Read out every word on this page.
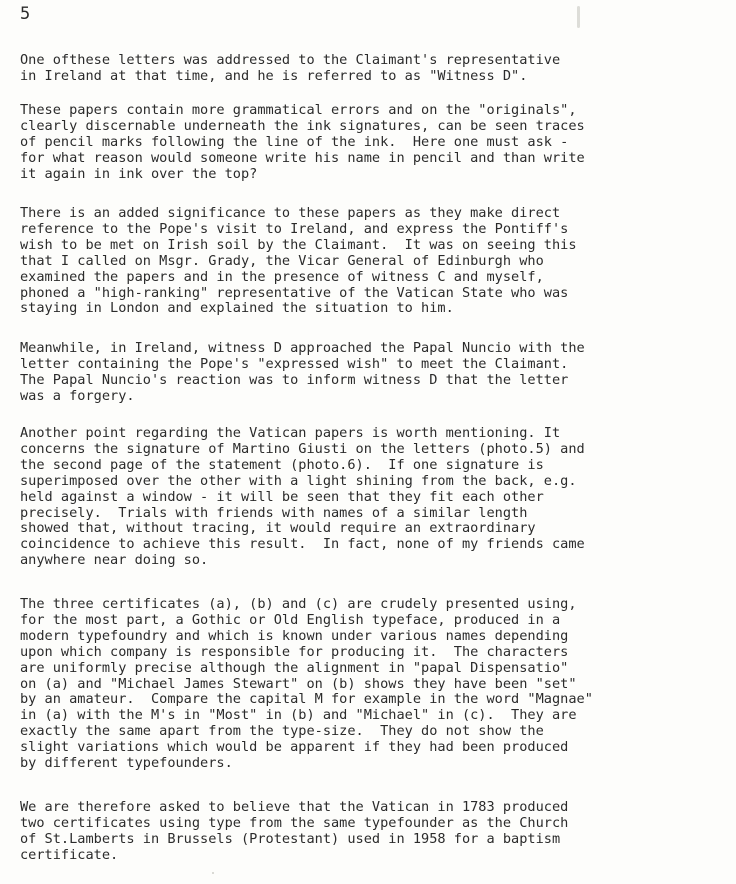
5

One ofthese letters was addressed to the Claimant's representative
in Ireland at that time, and he is referred to as "Witness D".

These papers contain more grammatical errors and on the "originals",
clearly discernable underneath the ink signatures, can be seen traces
of pencil marks following the line of the ink.  Here one must ask -
for what reason would someone write his name in pencil and than write
it again in ink over the top?

There is an added significance to these papers as they make direct
reference to the Pope's visit to Ireland, and express the Pontiff's
wish to be met on Irish soil by the Claimant.  It was on seeing this
that I called on Msgr. Grady, the Vicar General of Edinburgh who
examined the papers and in the presence of witness C and myself,
phoned a "high-ranking" representative of the Vatican State who was
staying in London and explained the situation to him.

Meanwhile, in Ireland, witness D approached the Papal Nuncio with the
letter containing the Pope's "expressed wish" to meet the Claimant.
The Papal Nuncio's reaction was to inform witness D that the letter
was a forgery.

Another point regarding the Vatican papers is worth mentioning. It
concerns the signature of Martino Giusti on the letters (photo.5) and
the second page of the statement (photo.6).  If one signature is
superimposed over the other with a light shining from the back, e.g.
held against a window - it will be seen that they fit each other
precisely.  Trials with friends with names of a similar length
showed that, without tracing, it would require an extraordinary
coincidence to achieve this result.  In fact, none of my friends came
anywhere near doing so.

The three certificates (a), (b) and (c) are crudely presented using,
for the most part, a Gothic or Old English typeface, produced in a
modern typefoundry and which is known under various names depending
upon which company is responsible for producing it.  The characters
are uniformly precise although the alignment in "papal Dispensatio"
on (a) and "Michael James Stewart" on (b) shows they have been "set"
by an amateur.  Compare the capital M for example in the word "Magnae"
in (a) with the M's in "Most" in (b) and "Michael" in (c).  They are
exactly the same apart from the type-size.  They do not show the
slight variations which would be apparent if they had been produced
by different typefounders.

We are therefore asked to believe that the Vatican in 1783 produced
two certificates using type from the same typefounder as the Church
of St.Lamberts in Brussels (Protestant) used in 1958 for a baptism
certificate.
